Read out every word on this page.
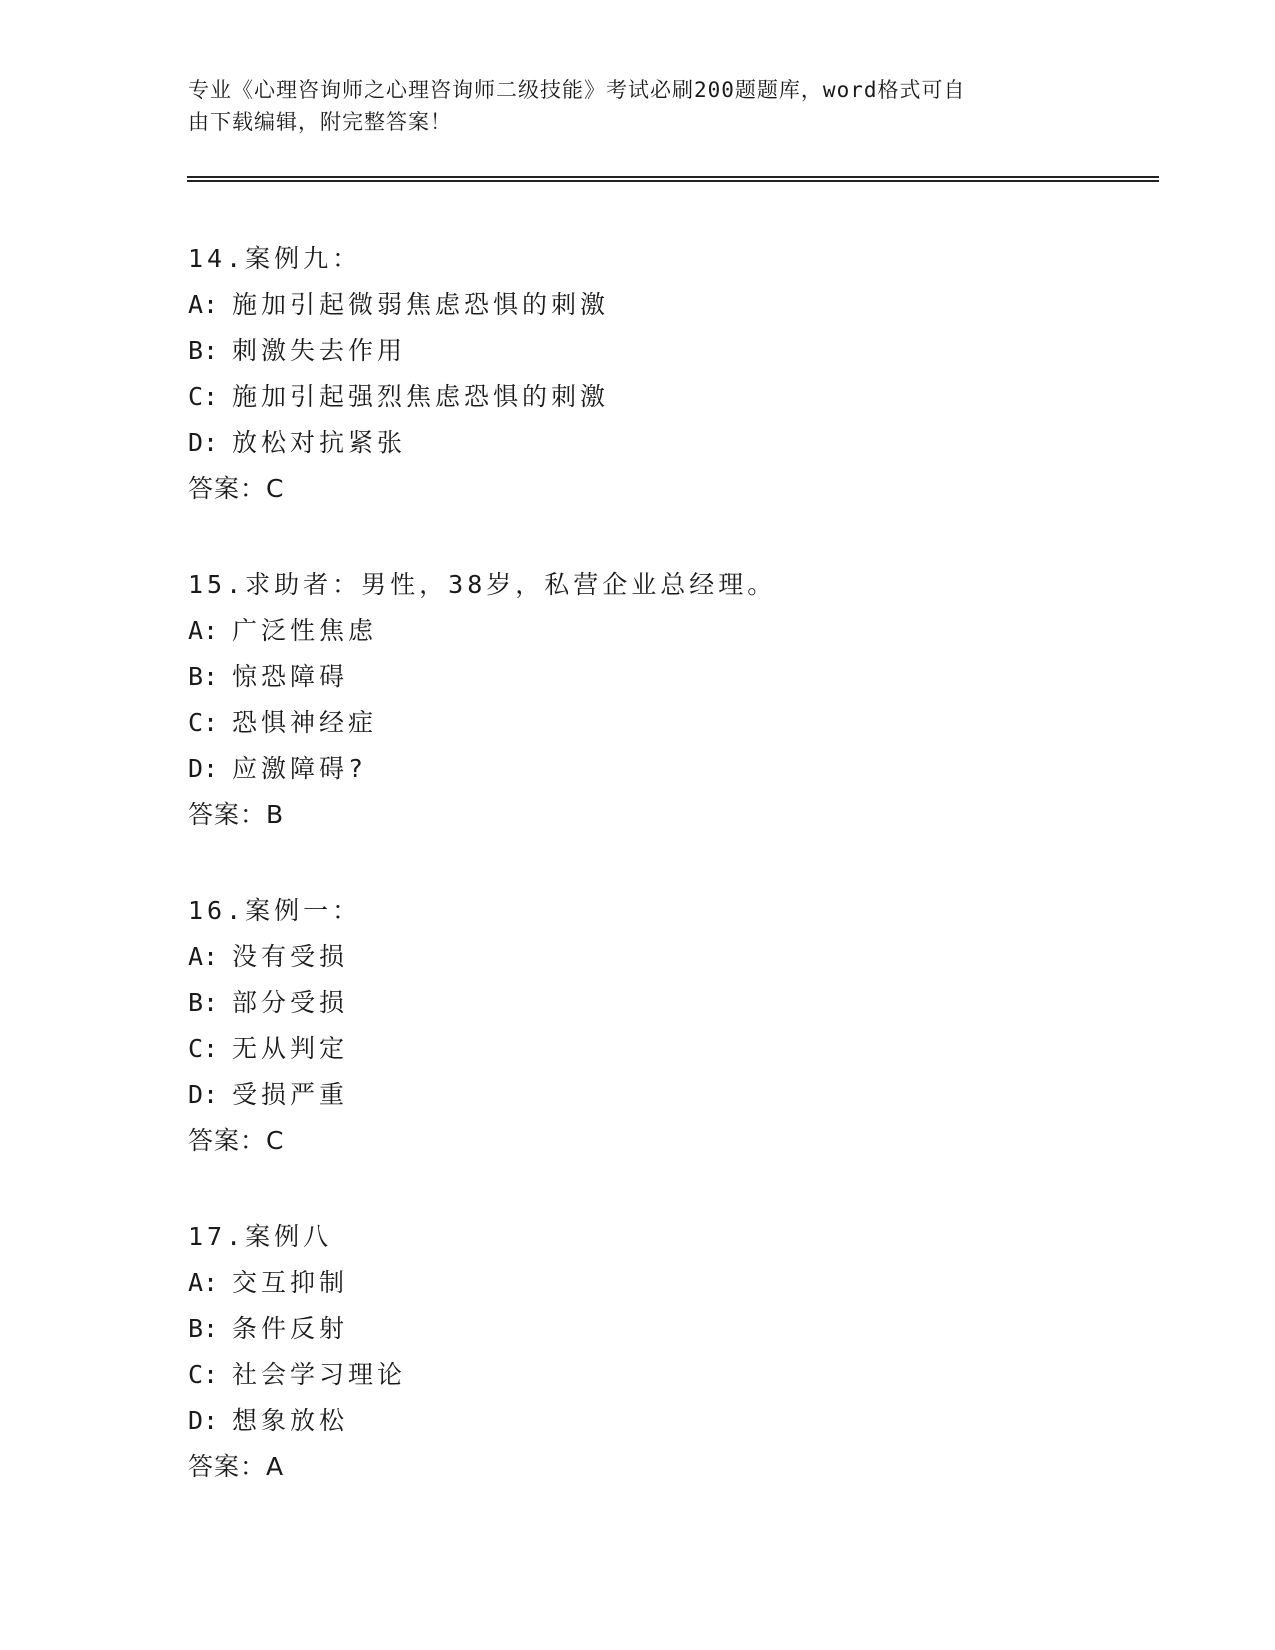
专业《心理咨询师之心理咨询师二级技能》考试必刷200题题库，word格式可自
由下载编辑，附完整答案！
14.案例九：
A: 施加引起微弱焦虑恐惧的刺激
B: 刺激失去作用
C: 施加引起强烈焦虑恐惧的刺激
D: 放松对抗紧张
答案：C
15.求助者：男性，38岁，私营企业总经理。
A: 广泛性焦虑
B: 惊恐障碍
C: 恐惧神经症
D: 应激障碍?
答案：B
16.案例一：
A: 没有受损
B: 部分受损
C: 无从判定
D: 受损严重
答案：C
17.案例八
A: 交互抑制
B: 条件反射
C: 社会学习理论
D: 想象放松
答案：A
